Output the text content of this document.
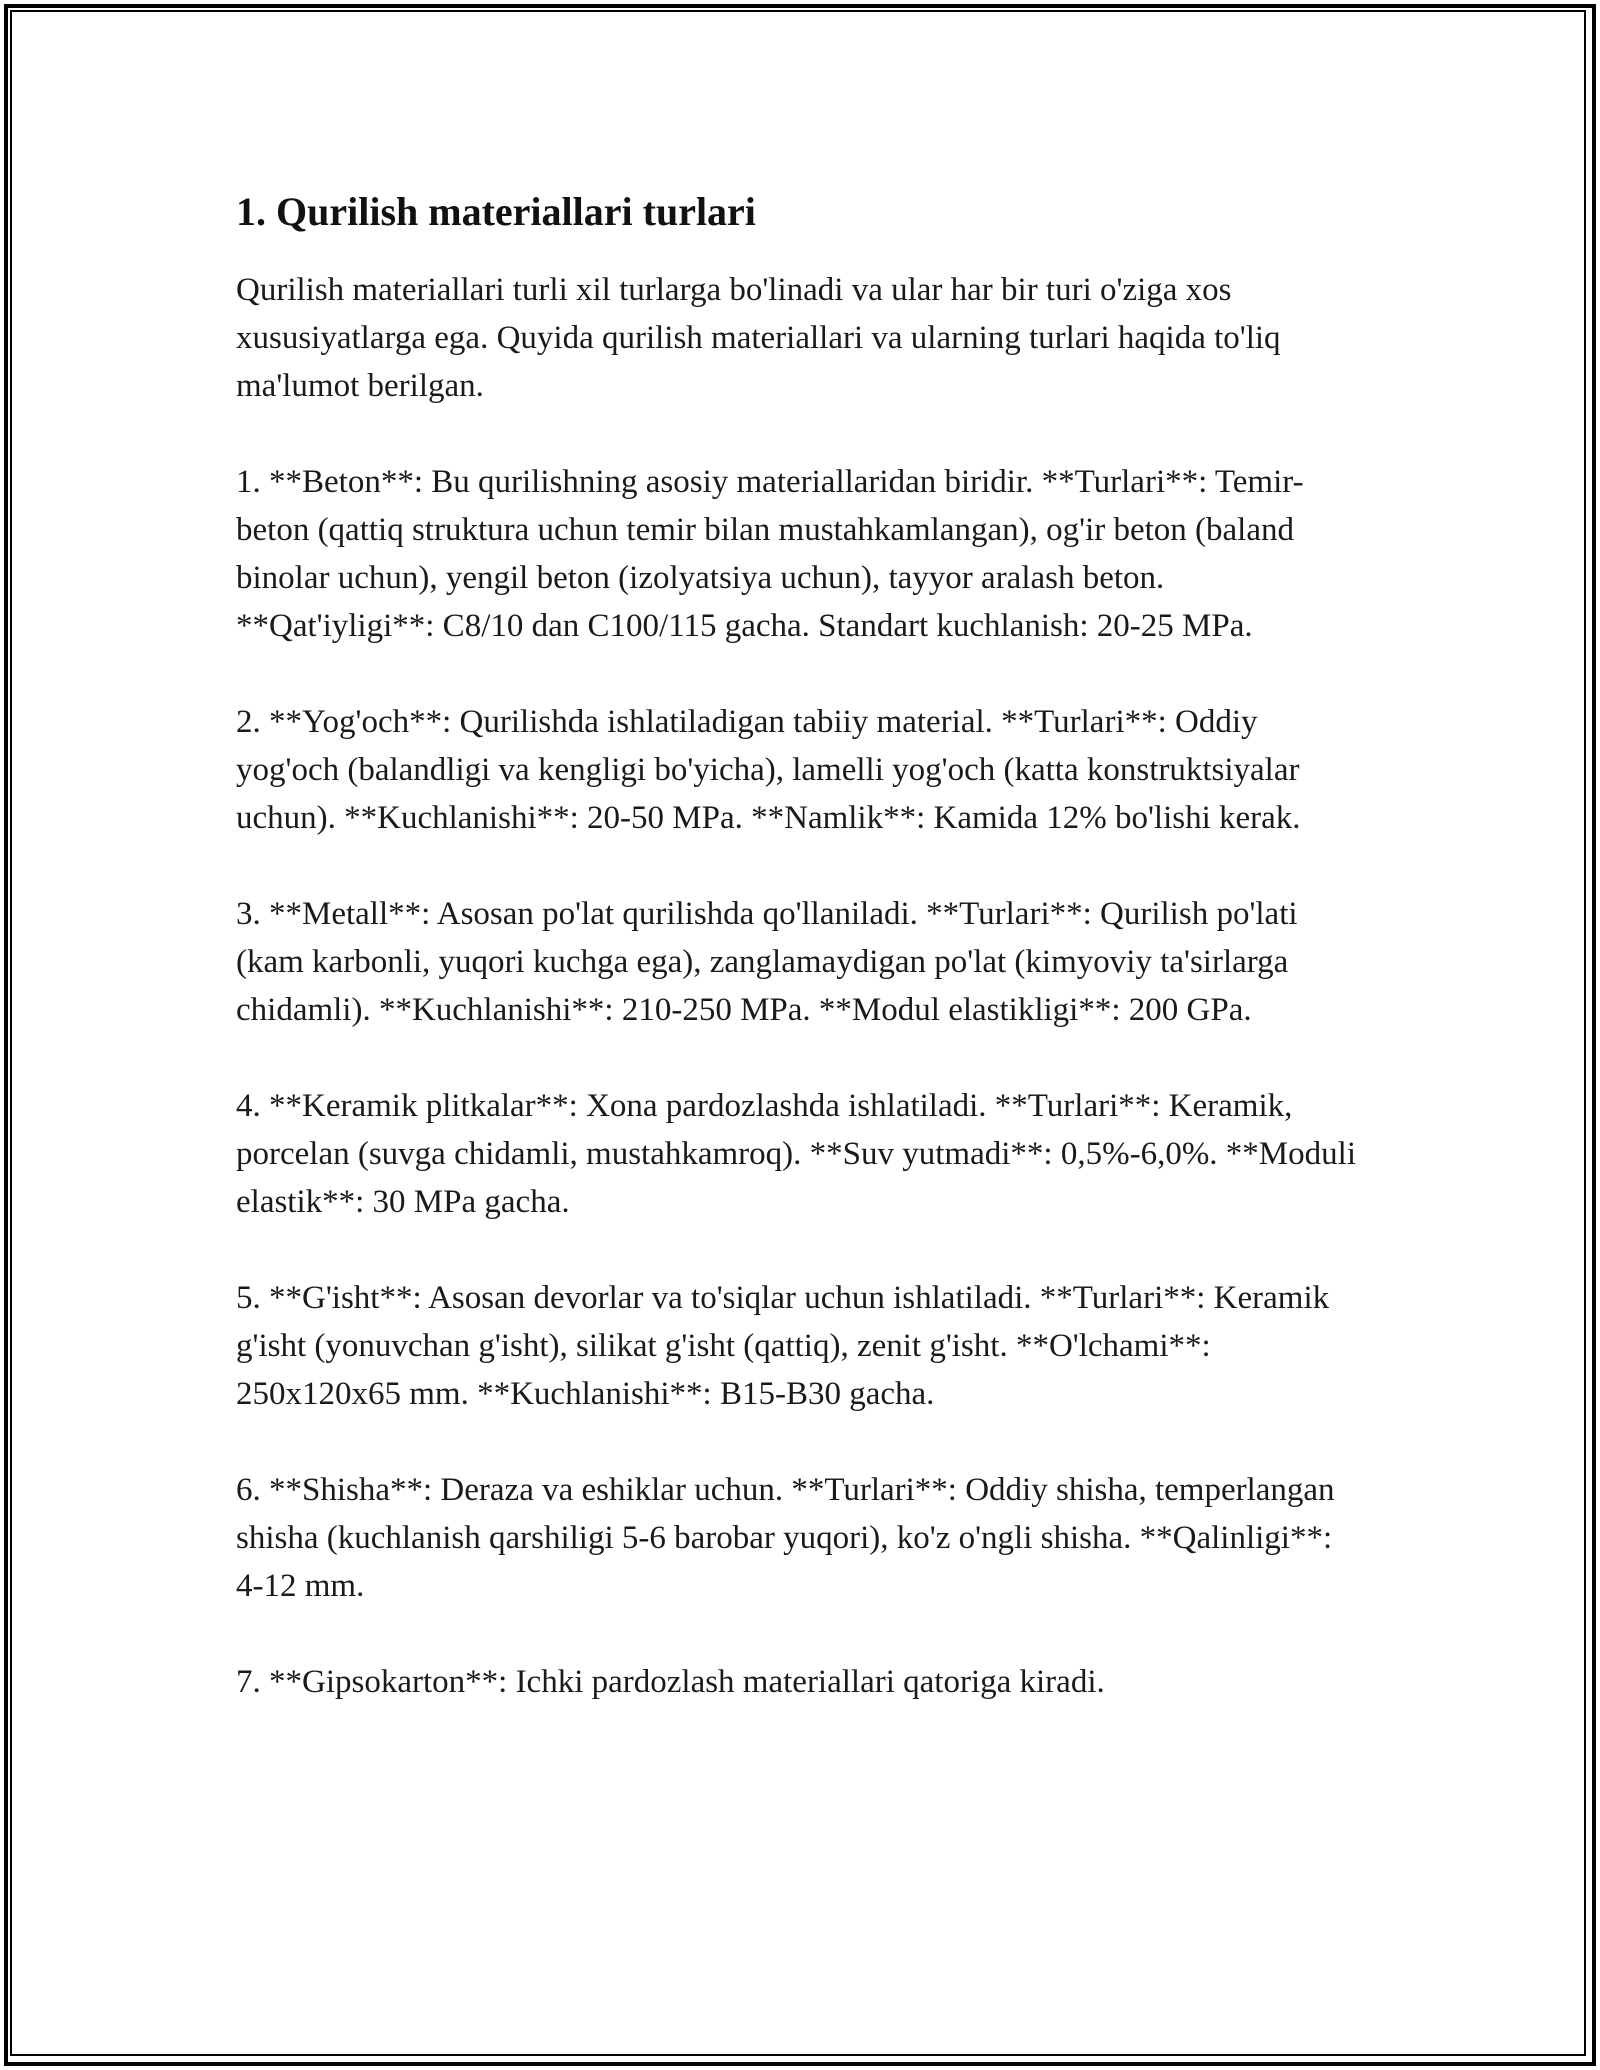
1. Qurilish materiallari turlari

Qurilish materiallari turli xil turlarga bo'linadi va ular har bir turi o'ziga xos xususiyatlarga ega. Quyida qurilish materiallari va ularning turlari haqida to'liq ma'lumot berilgan.

1. **Beton**: Bu qurilishning asosiy materiallaridan biridir. **Turlari**: Temir-beton (qattiq struktura uchun temir bilan mustahkamlangan), og'ir beton (baland binolar uchun), yengil beton (izolyatsiya uchun), tayyor aralash beton. **Qat'iyligi**: C8/10 dan C100/115 gacha. Standart kuchlanish: 20-25 MPa.

2. **Yog'och**: Qurilishda ishlatiladigan tabiiy material. **Turlari**: Oddiy yog'och (balandligi va kengligi bo'yicha), lamelli yog'och (katta konstruktsiyalar uchun). **Kuchlanishi**: 20-50 MPa. **Namlik**: Kamida 12% bo'lishi kerak.

3. **Metall**: Asosan po'lat qurilishda qo'llaniladi. **Turlari**: Qurilish po'lati (kam karbonli, yuqori kuchga ega), zanglamaydigan po'lat (kimyoviy ta'sirlarga chidamli). **Kuchlanishi**: 210-250 MPa. **Modul elastikligi**: 200 GPa.

4. **Keramik plitkalar**: Xona pardozlashda ishlatiladi. **Turlari**: Keramik, porcelan (suvga chidamli, mustahkamroq). **Suv yutmadi**: 0,5%-6,0%. **Moduli elastik**: 30 MPa gacha.

5. **G'isht**: Asosan devorlar va to'siqlar uchun ishlatiladi. **Turlari**: Keramik g'isht (yonuvchan g'isht), silikat g'isht (qattiq), zenit g'isht. **O'lchami**: 250x120x65 mm. **Kuchlanishi**: B15-B30 gacha.

6. **Shisha**: Deraza va eshiklar uchun. **Turlari**: Oddiy shisha, temperlangan shisha (kuchlanish qarshiligi 5-6 barobar yuqori), ko'z o'ngli shisha. **Qalinligi**: 4-12 mm.

7. **Gipsokarton**: Ichki pardozlash materiallari qatoriga kiradi.
